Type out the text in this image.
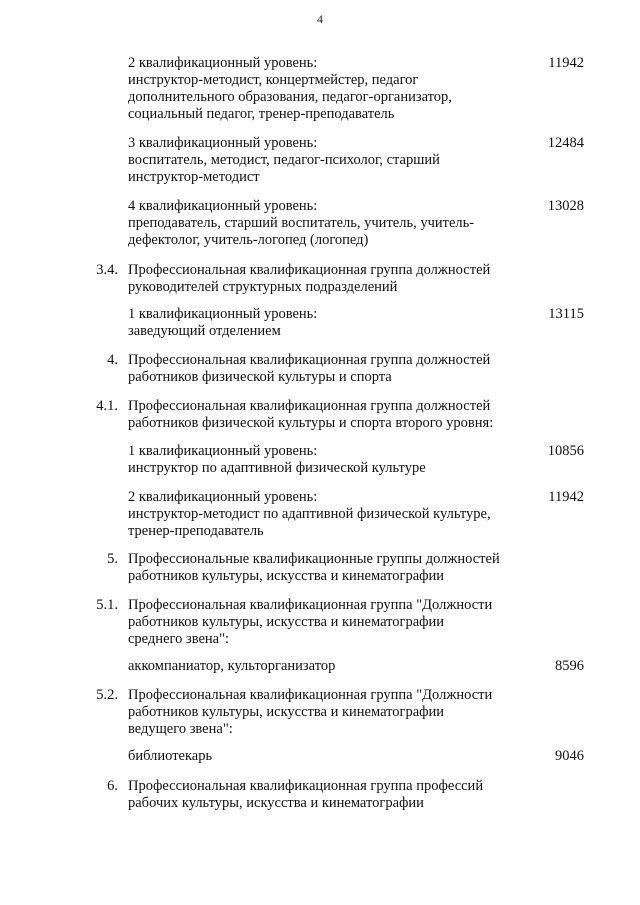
4
2 квалификационный уровень:
инструктор-методист, концертмейстер, педагог
дополнительного образования, педагог-организатор,
социальный педагог, тренер-преподаватель
11942
3 квалификационный уровень:
воспитатель, методист, педагог-психолог, старший
инструктор-методист
12484
4 квалификационный уровень:
преподаватель, старший воспитатель, учитель, учитель-
дефектолог, учитель-логопед (логопед)
13028
3.4. Профессиональная квалификационная группа должностей
руководителей структурных подразделений
1 квалификационный уровень:
заведующий отделением
13115
4. Профессиональная квалификационная группа должностей
работников физической культуры и спорта
4.1. Профессиональная квалификационная группа должностей
работников физической культуры и спорта второго уровня:
1 квалификационный уровень:
инструктор по адаптивной физической культуре
10856
2 квалификационный уровень:
инструктор-методист по адаптивной физической культуре,
тренер-преподаватель
11942
5. Профессиональные квалификационные группы должностей
работников культуры, искусства и кинематографии
5.1. Профессиональная квалификационная группа "Должности
работников культуры, искусства и кинематографии
среднего звена":
аккомпаниатор, культорганизатор	8596
5.2. Профессиональная квалификационная группа "Должности
работников культуры, искусства и кинематографии
ведущего звена":
библиотекарь	9046
6. Профессиональная квалификационная группа профессий
рабочих культуры, искусства и кинематографии
